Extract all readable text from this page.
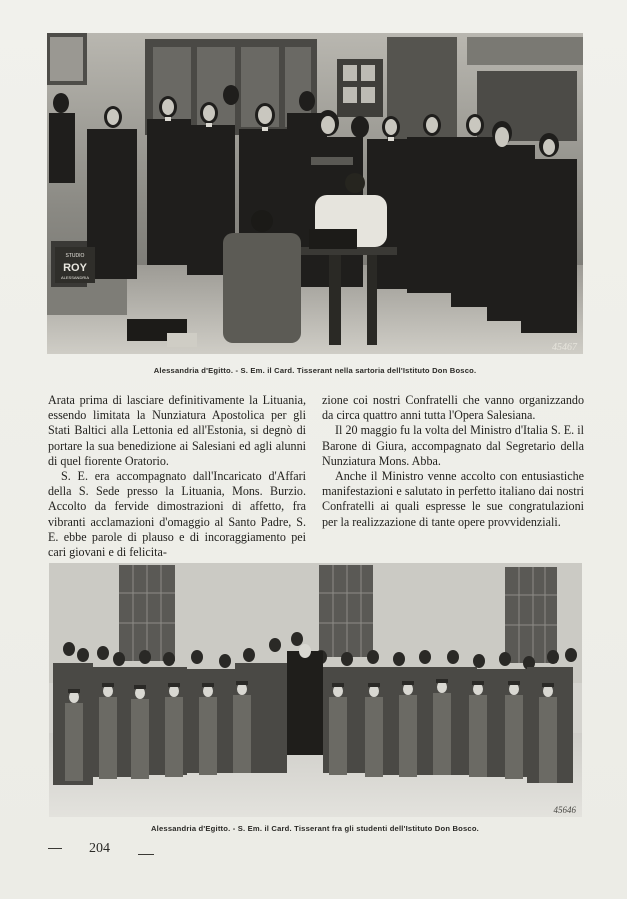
STUDIO
ROY
ALESSANDRIA
45467
Alessandria d'Egitto. - S. Em. il Card. Tisserant nella sartoria dell'Istituto Don Bosco.

Arata prima di lasciare definitivamente la Lituania, essendo limitata la Nunziatura Apostolica per gli Stati Baltici alla Lettonia ed all'Estonia, si degnò di portare la sua benedizione ai Salesiani ed agli alunni di quel fiorente Oratorio.

S. E. era accompagnato dall'Incaricato d'Affari della S. Sede presso la Lituania, Mons. Burzio. Accolto da fervide dimostrazioni di affetto, fra vibranti acclamazioni d'omaggio al Santo Padre, S. E. ebbe parole di plauso e di incoraggiamento pei cari giovani e di felicita-

zione coi nostri Confratelli che vanno organizzando da circa quattro anni tutta l'Opera Salesiana.

Il 20 maggio fu la volta del Ministro d'Italia S. E. il Barone di Giura, accompagnato dal Segretario della Nunziatura Mons. Abba.

Anche il Ministro venne accolto con entusiastiche manifestazioni e salutato in perfetto italiano dai nostri Confratelli ai quali espresse le sue congratulazioni per la realizzazione di tante opere provvidenziali.

45646
Alessandria d'Egitto. - S. Em. il Card. Tisserant fra gli studenti dell'Istituto Don Bosco.
204
